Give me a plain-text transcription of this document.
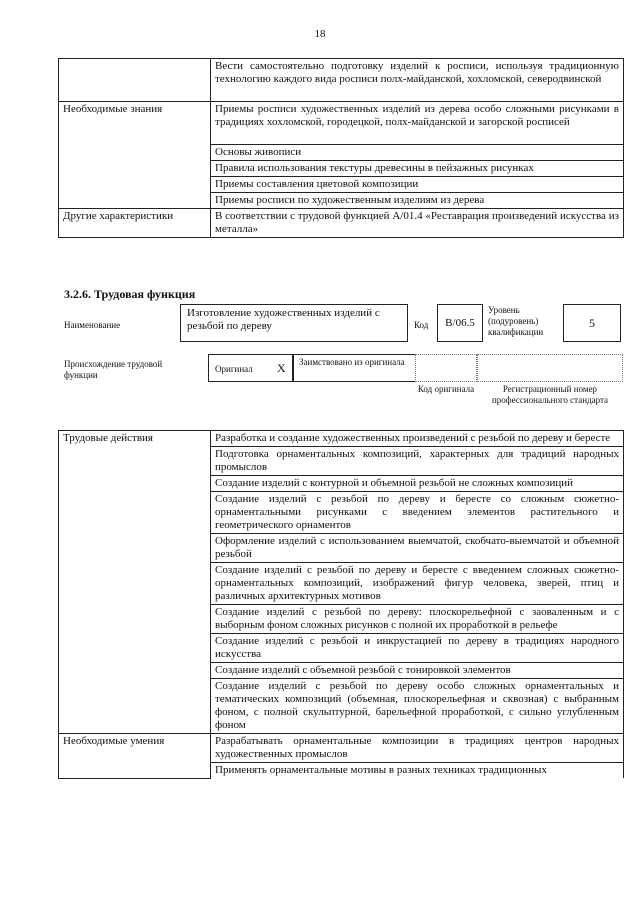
18
	Вести самостоятельно подготовку изделий к росписи, используя традиционную технологию каждого вида росписи полх-майданской, хохломской, северодвинской
Необходимые знания	Приемы росписи художественных изделий из дерева особо сложными рисунками в традициях хохломской, городецкой, полх-майданской и загорской росписей
	Основы живописи
	Правила использования текстуры древесины в пейзажных рисунках
	Приемы составления цветовой композиции
	Приемы росписи по художественным изделиям из дерева
Другие характеристики	В соответствии с трудовой функцией А/01.4 «Реставрация произведений искусства из металла»
3.2.6. Трудовая функция
Наименование
Изготовление художественных изделий с резьбой по дереву	Код	B/06.5
Уровень (подуровень) квалификации
5
Происхождение трудовой функции
Оригинал X Заимствовано из оригинала
Код оригинала	Регистрационный номер профессионального стандарта
Трудовые действия	Разработка и создание художественных произведений с резьбой по дереву и бересте
	Подготовка орнаментальных композиций, характерных для традиций народных промыслов
	Создание изделий с контурной и объемной резьбой не сложных композиций
	Создание изделий с резьбой по дереву и бересте со сложным сюжетно-орнаментальными рисунками с введением элементов растительного и геометрического орнаментов
	Оформление изделий с использованием выемчатой, скобчато-выемчатой и объемной резьбой
	Создание изделий с резьбой по дереву и бересте с введением сложных сюжетно-орнаментальных композиций, изображений фигур человека, зверей, птиц и различных архитектурных мотивов
	Создание изделий с резьбой по дереву: плоскорельефной с заоваленным и с выборным фоном сложных рисунков с полной их проработкой в рельефе
	Создание изделий с резьбой и инкрустацией по дереву в традициях народного искусства
	Создание изделий с объемной резьбой с тонировкой элементов
	Создание изделий с резьбой по дереву особо сложных орнаментальных и тематических композиций (объемная, плоскорельефная и сквозная) с выбранным фоном, с полной скульптурной, барельефной проработкой, с сильно углубленным фоном
Необходимые умения	Разрабатывать орнаментальные композиции в традициях центров народных художественных промыслов
	Применять орнаментальные мотивы в разных техниках традиционных
